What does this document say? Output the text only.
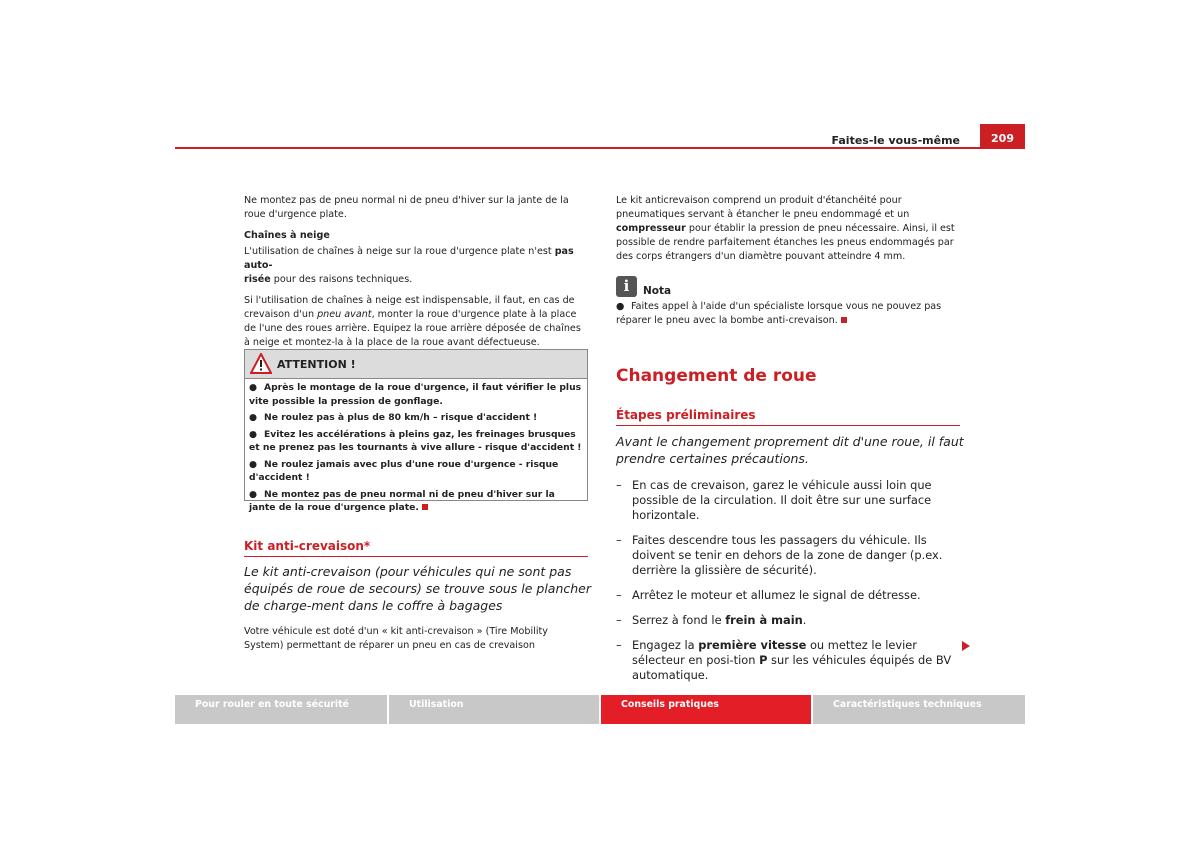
Faites-le vous-même	209

Ne montez pas de pneu normal ni de pneu d'hiver sur la jante de la roue d'urgence plate.

Chaînes à neige

L'utilisation de chaînes à neige sur la roue d'urgence plate n'est pas auto-
risée pour des raisons techniques.

Si l'utilisation de chaînes à neige est indispensable, il faut, en cas de crevaison d'un pneu avant, monter la roue d'urgence plate à la place de l'une des roues arrière. Equipez la roue arrière déposée de chaînes à neige et montez-la à la place de la roue avant défectueuse.

ATTENTION !
● Après le montage de la roue d'urgence, il faut vérifier le plus vite possible la pression de gonflage.
● Ne roulez pas à plus de 80 km/h – risque d'accident !
● Evitez les accélérations à pleins gaz, les freinages brusques et ne prenez pas les tournants à vive allure - risque d'accident !
● Ne roulez jamais avec plus d'une roue d'urgence - risque d'accident !
● Ne montez pas de pneu normal ni de pneu d'hiver sur la jante de la roue d'urgence plate.
Kit anti-crevaison*
Le kit anti-crevaison (pour véhicules qui ne sont pas équipés de roue de secours) se trouve sous le plancher de charge-ment dans le coffre à bagages
Votre véhicule est doté d'un « kit anti-crevaison » (Tire Mobility System) permettant de réparer un pneu en cas de crevaison

Le kit anticrevaison comprend un produit d'étanchéité pour pneumatiques servant à étancher le pneu endommagé et un compresseur pour établir la pression de pneu nécessaire. Ainsi, il est possible de rendre parfaitement étanches les pneus endommagés par des corps étrangers d'un diamètre pouvant atteindre 4 mm.

i	Nota
● Faites appel à l'aide d'un spécialiste lorsque vous ne pouvez pas réparer le pneu avec la bombe anti-crevaison.
Changement de roue
Étapes préliminaires
Avant le changement proprement dit d'une roue, il faut prendre certaines précautions.
– En cas de crevaison, garez le véhicule aussi loin que possible de la circulation. Il doit être sur une surface horizontale.
– Faites descendre tous les passagers du véhicule. Ils doivent se tenir en dehors de la zone de danger (p.ex. derrière la glissière de sécurité).
– Arrêtez le moteur et allumez le signal de détresse.
– Serrez à fond le frein à main.
– Engagez la première vitesse ou mettez le levier sélecteur en posi-tion P sur les véhicules équipés de BV automatique.
Pour rouler en toute sécurité	Utilisation	Conseils pratiques	Caractéristiques techniques
